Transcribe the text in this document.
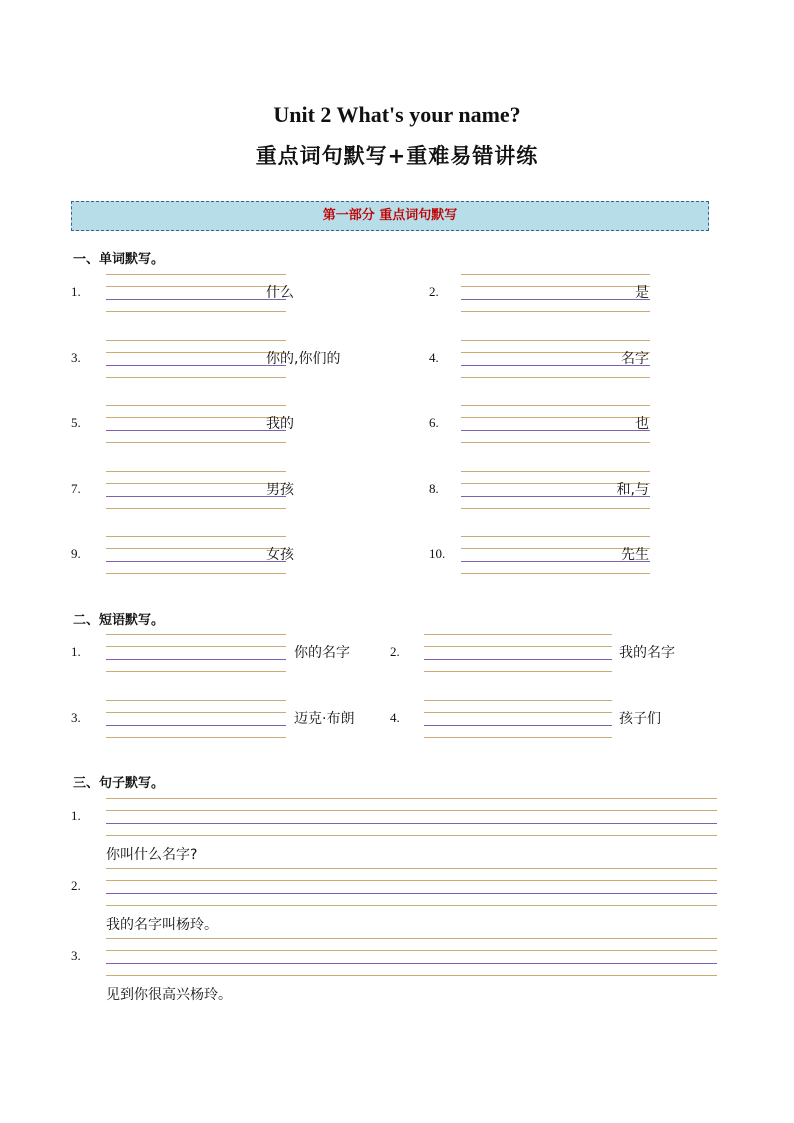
Unit 2 What's your name?
重点词句默写+重难易错讲练
第一部分 重点词句默写
一、单词默写。
1.	什么	2.	是
3.	你的,你们的	4.	名字
5.	我的	6.	也
7.	男孩	8.	和,与
9.	女孩	10.	先生
二、短语默写。
1.	你的名字	2.	我的名字
3.	迈克·布朗	4.	孩子们
三、句子默写。
1.
你叫什么名字?
2.
我的名字叫杨玲。
3.
见到你很高兴杨玲。
